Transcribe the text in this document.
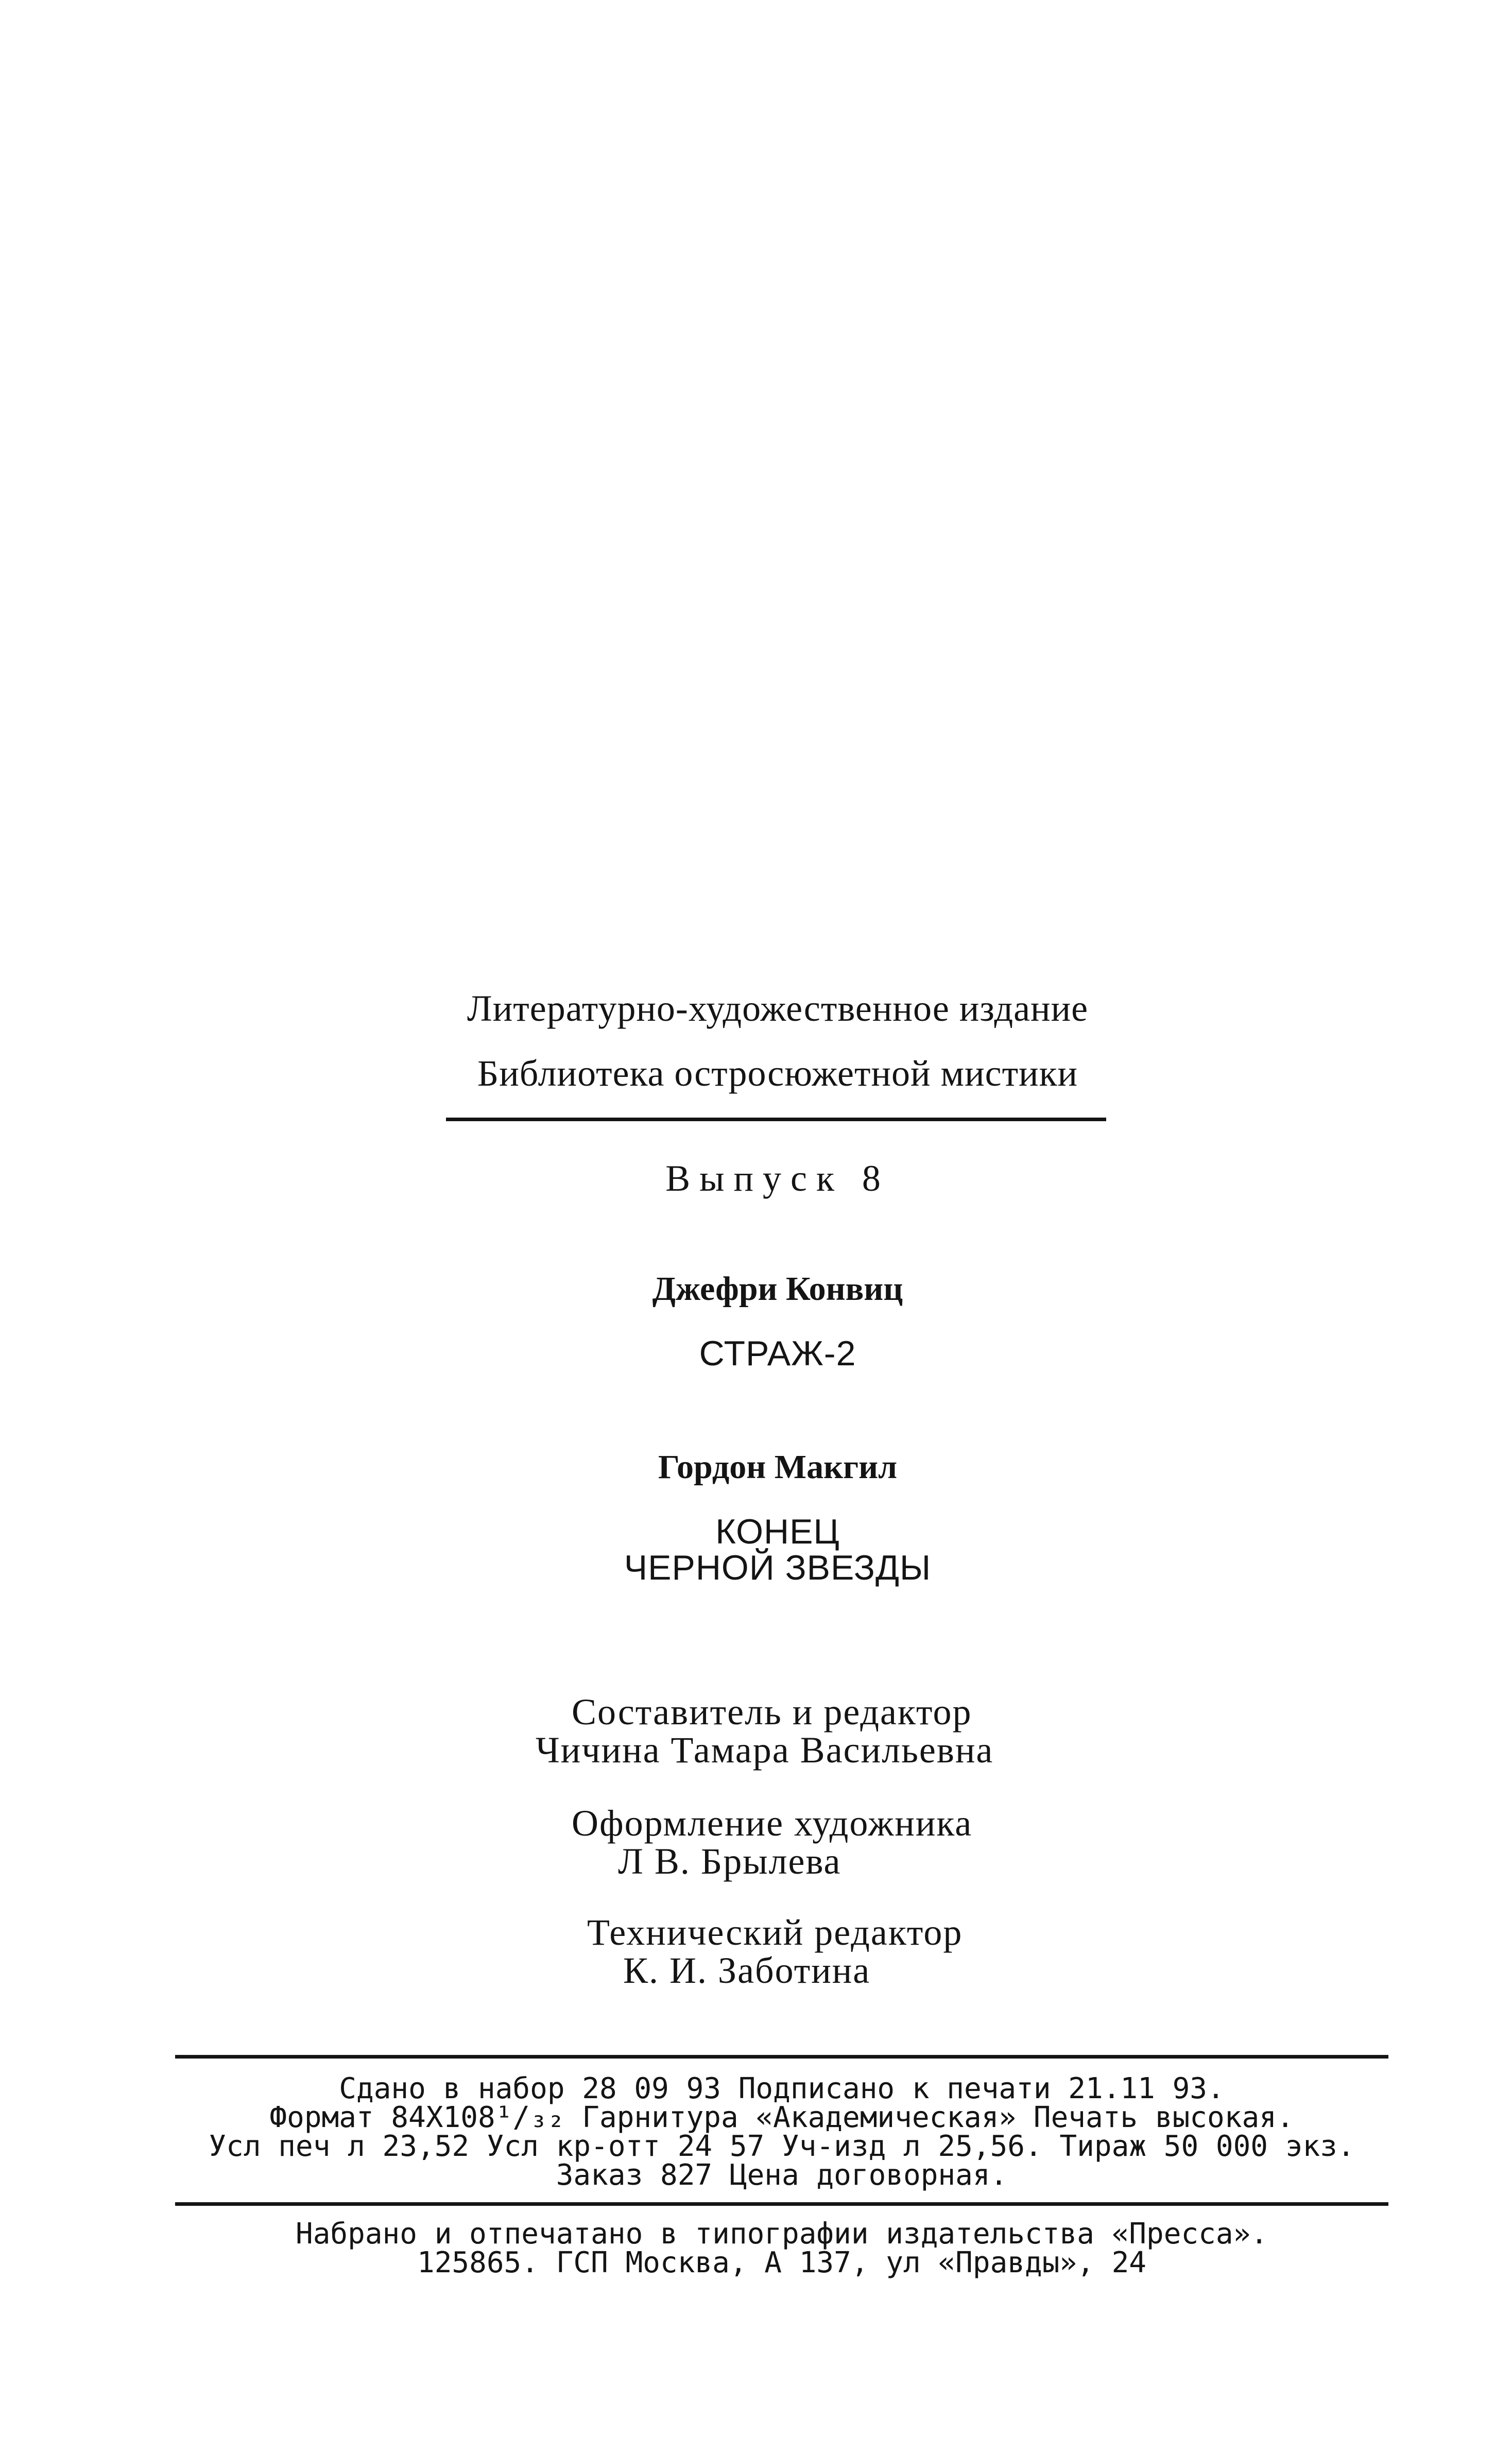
Литературно-художественное издание
Библиотека остросюжетной мистики
Выпуск 8
Джефри Конвиц
СТРАЖ-2
Гордон Макгил
КОНЕЦ
ЧЕРНОЙ ЗВЕЗДЫ
Составитель и редактор
Чичина Тамара Васильевна
Оформление художника
Л В. Брылева
Технический редактор
К. И. Заботина
Сдано в набор 28 09 93 Подписано к печати 21.11 93.
Формат 84X108¹/₃₂ Гарнитура «Академическая» Печать высокая.
Усл печ л 23,52 Усл кр-отт 24 57 Уч-изд л 25,56. Тираж 50 000 экз.
Заказ 827 Цена договорная.
Набрано и отпечатано в типографии издательства «Пресса».
125865. ГСП Москва, А 137, ул «Правды», 24
